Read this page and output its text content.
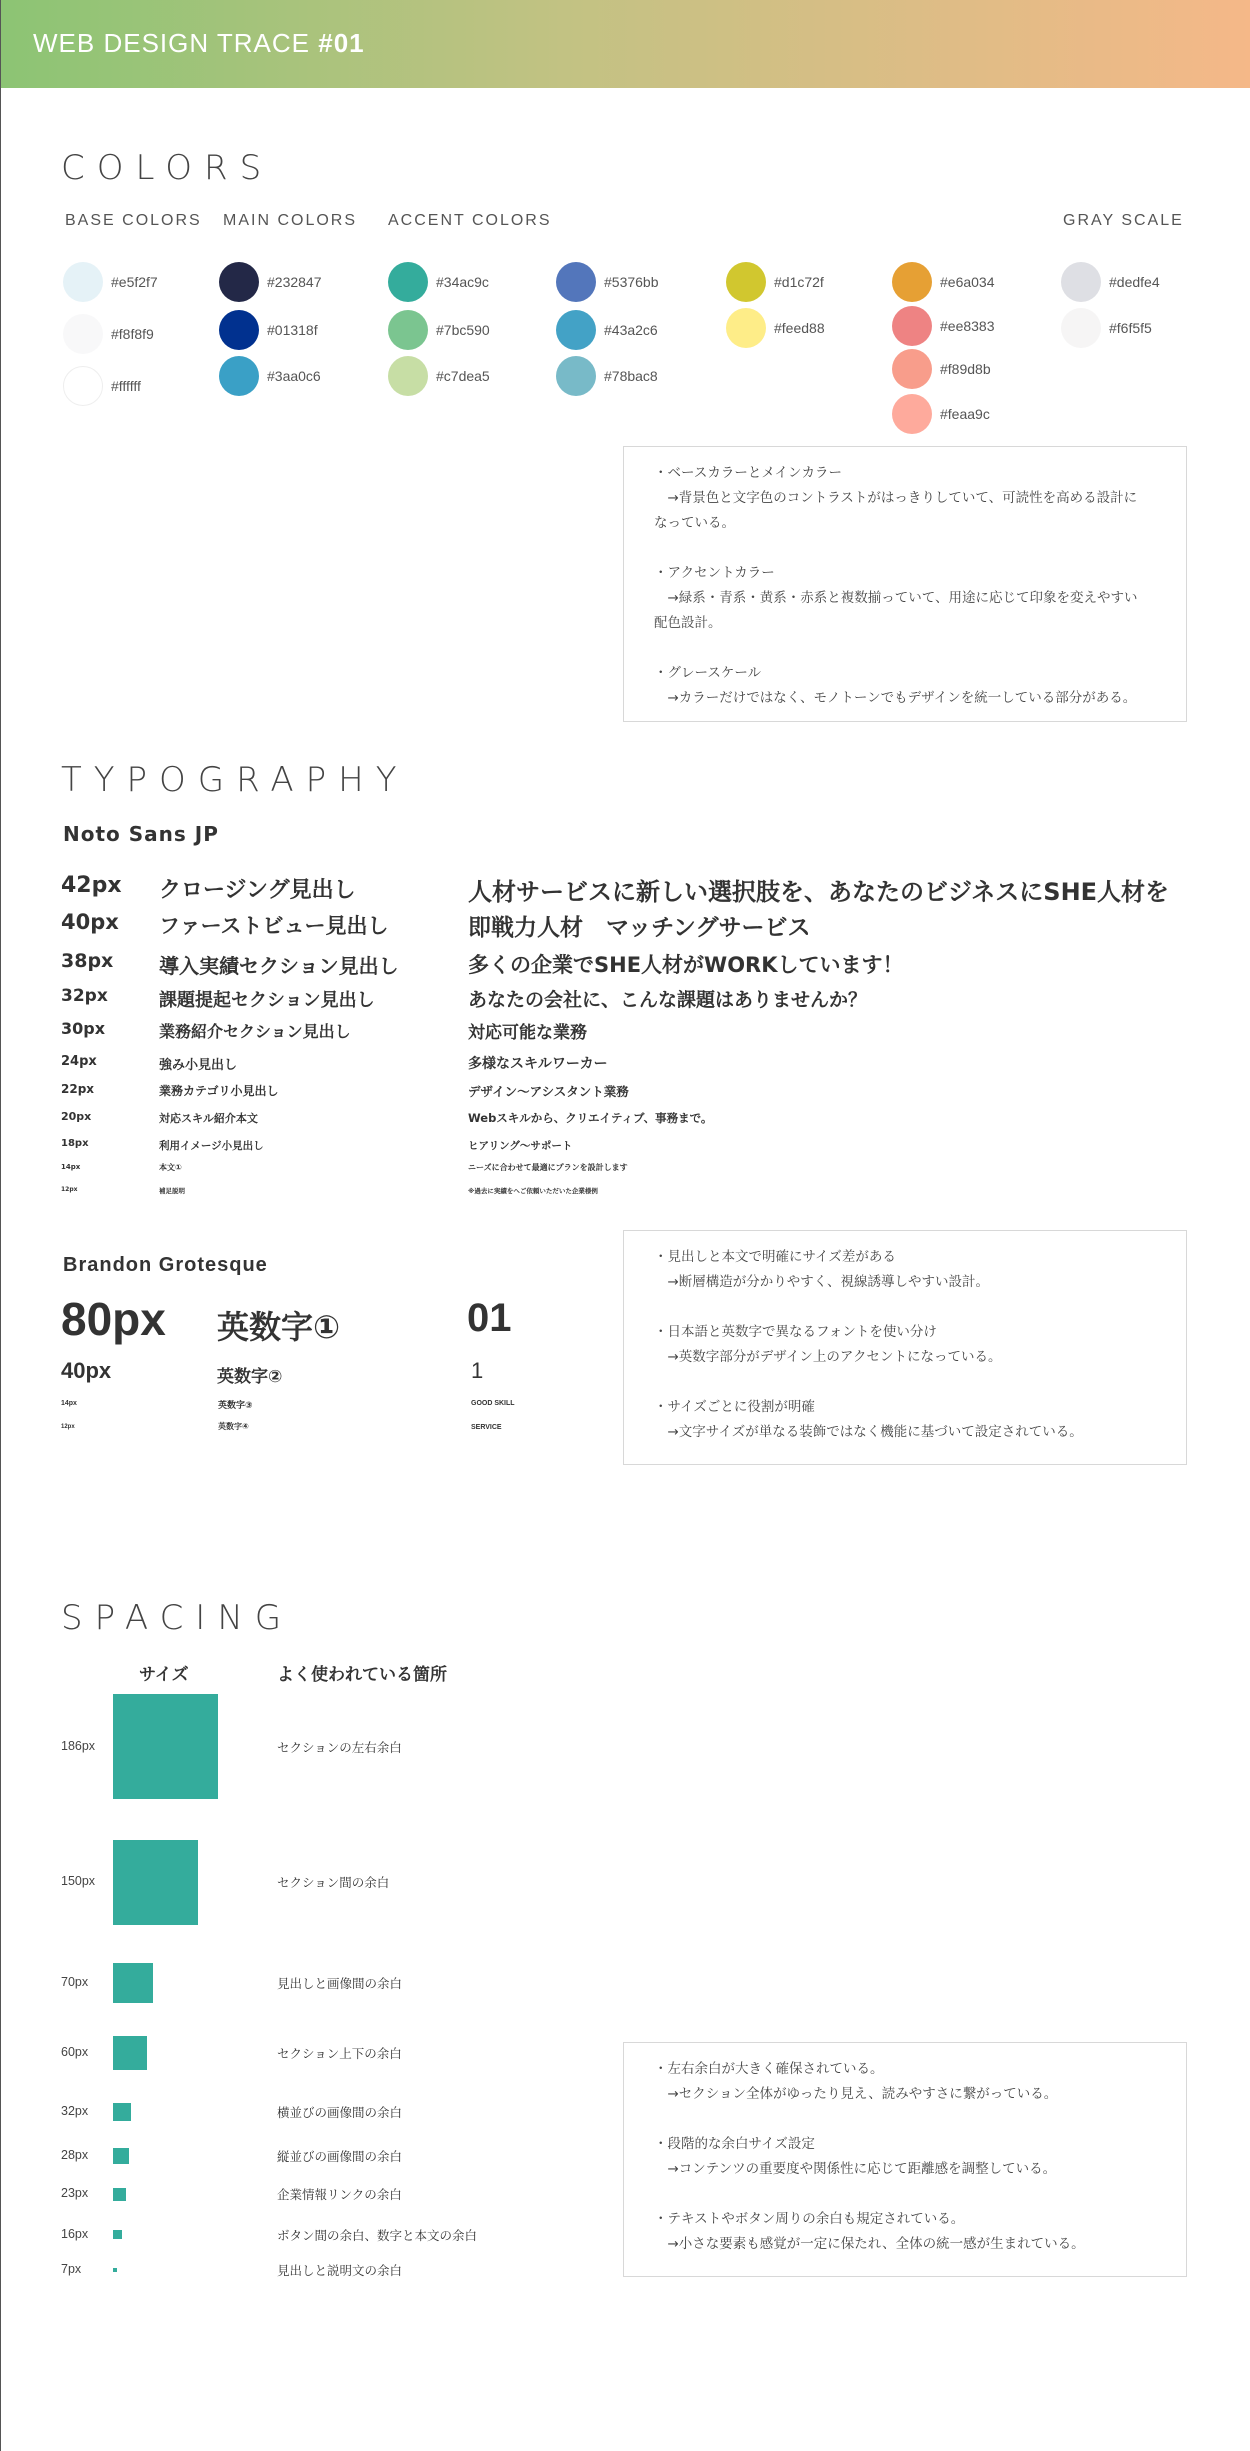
WEB DESIGN TRACE #01
COLORS
BASE COLORS MAIN COLORS ACCENT COLORS	GRAY SCALE
#e5f2f7
#f8f8f9
#ffffff
#232847
#01318f
#3aa0c6
#34ac9c
#7bc590
#c7dea5
#5376bb
#43a2c6
#78bac8
#d1c72f
#feed88
#e6a034
#ee8383
#f89d8b
#feaa9c
#dedfe4
#f6f5f5
・ベースカラーとメインカラー
　→背景色と文字色のコントラストがはっきりしていて、可読性を高める設計に
なっている。

・アクセントカラー
　→緑系・青系・黄系・赤系と複数揃っていて、用途に応じて印象を変えやすい
配色設計。

・グレースケール
　→カラーだけではなく、モノトーンでもデザインを統一している部分がある。
TYPOGRAPHY
Noto Sans JP
42px クロージング見出し	人材サービスに新しい選択肢を、あなたのビジネスにSHE人材を
40px ファーストビュー見出し	即戦力人材　マッチングサービス
38px 導入実績セクション見出し	多くの企業でSHE人材がWORKしています！
32px	課題提起セクション見出し	あなたの会社に、こんな課題はありませんか？
30px	業務紹介セクション見出し	対応可能な業務
24px	強み小見出し	多様なスキルワーカー
22px	業務カテゴリ小見出し	デザイン〜アシスタント業務
20px	対応スキル紹介本文	Webスキルから、クリエイティブ、事務まで。
18px	利用イメージ小見出し	ヒアリング〜サポート
14px	本文①	ニーズに合わせて最適にプランを設計します
12px	補足説明	※過去に実績をへご依頼いただいた企業様例
Brandon Grotesque
80px 英数字①	01
40px	英数字②	1
14px	英数字③	GOOD SKILL
12px	英数字④	SERVICE
・見出しと本文で明確にサイズ差がある
　→断層構造が分かりやすく、視線誘導しやすい設計。

・日本語と英数字で異なるフォントを使い分け
　→英数字部分がデザイン上のアクセントになっている。

・サイズごとに役割が明確
　→文字サイズが単なる装飾ではなく機能に基づいて設定されている。
SPACING
サイズ	よく使われている箇所
186px	セクションの左右余白
150px	セクション間の余白
70px	見出しと画像間の余白
60px	セクション上下の余白
32px	横並びの画像間の余白
28px	縦並びの画像間の余白
23px	企業情報リンクの余白
16px	ボタン間の余白、数字と本文の余白
7px	見出しと説明文の余白
・左右余白が大きく確保されている。
　→セクション全体がゆったり見え、読みやすさに繋がっている。

・段階的な余白サイズ設定
　→コンテンツの重要度や関係性に応じて距離感を調整している。

・テキストやボタン周りの余白も規定されている。
　→小さな要素も感覚が一定に保たれ、全体の統一感が生まれている。
